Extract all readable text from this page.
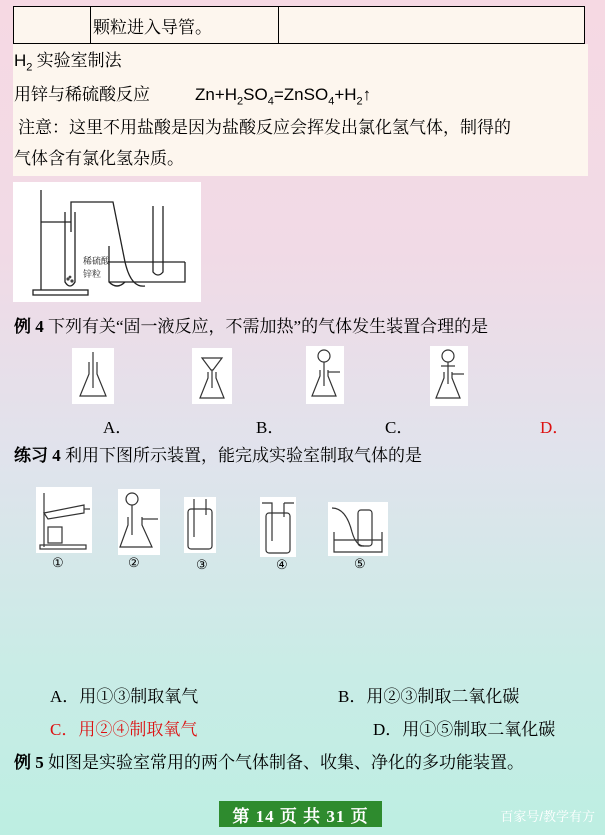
颗粒进入导管。
$H_2$ 实验室制法
用锌与稀硫酸反应	$Zn+H_2SO_4=ZnSO_4+H_2↑$
注意：这里不用盐酸是因为盐酸反应会挥发出氯化氢气体，制得的
气体含有氯化氢杂质。
稀硫酸
锌粒
例 4 下列有关“固一液反应，不需加热”的气体发生装置合理的是
A．	B．	C．	D．
练习 4 利用下图所示装置，能完成实验室制取气体的是
①	②	③	④	⑤
A．用①③制取氧气	B．用②③制取二氧化碳
C．用②④制取氧气	D．用①⑤制取二氧化碳
例 5 如图是实验室常用的两个气体制备、收集、净化的多功能装置。
第 14 页 共 31 页	百家号/教学有方
